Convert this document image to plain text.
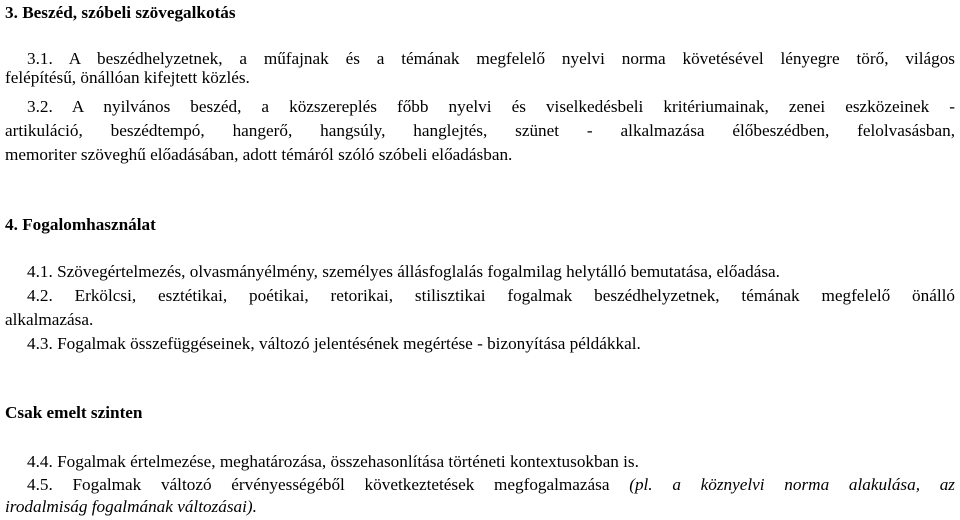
3. Beszéd, szóbeli szövegalkotás
3.1. A beszédhelyzetnek, a műfajnak és a témának megfelelő nyelvi norma követésével lényegre törő, világos
felépítésű, önállóan kifejtett közlés.
3.2. A nyilvános beszéd, a közszereplés főbb nyelvi és viselkedésbeli kritériumainak, zenei eszközeinek -
artikuláció, beszédtempó, hangerő, hangsúly, hanglejtés, szünet - alkalmazása élőbeszédben, felolvasásban,
memoriter szöveghű előadásában, adott témáról szóló szóbeli előadásban.
4. Fogalomhasználat
4.1. Szövegértelmezés, olvasmányélmény, személyes állásfoglalás fogalmilag helytálló bemutatása, előadása.
4.2. Erkölcsi, esztétikai, poétikai, retorikai, stilisztikai fogalmak beszédhelyzetnek, témának megfelelő önálló
alkalmazása.
4.3. Fogalmak összefüggéseinek, változó jelentésének megértése - bizonyítása példákkal.
Csak emelt szinten
4.4. Fogalmak értelmezése, meghatározása, összehasonlítása történeti kontextusokban is.
4.5. Fogalmak változó érvényességéből következtetések megfogalmazása (pl. a köznyelvi norma alakulása, az
irodalmiság fogalmának változásai).
